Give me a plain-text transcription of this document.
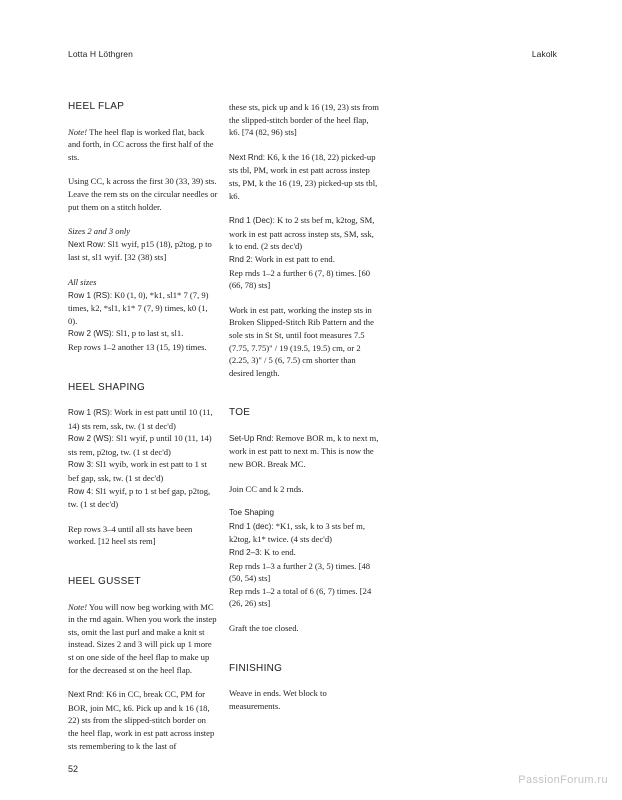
Lotta H Löthgren	Lakolk
HEEL FLAP

Note! The heel flap is worked flat, back and forth, in CC across the first half of the sts.

Using CC, k across the first 30 (33, 39) sts. Leave the rem sts on the circular needles or put them on a stitch holder.

Sizes 2 and 3 only

Next Row: Sl1 wyif, p15 (18), p2tog, p to last st, sl1 wyif. [32 (38) sts]

All sizes

Row 1 (RS): K0 (1, 0), *k1, sl1* 7 (7, 9) times, k2, *sl1, k1* 7 (7, 9) times, k0 (1, 0).

Row 2 (WS): Sl1, p to last st, sl1.

Rep rows 1–2 another 13 (15, 19) times.

HEEL SHAPING

Row 1 (RS): Work in est patt until 10 (11, 14) sts rem, ssk, tw. (1 st dec'd)

Row 2 (WS): Sl1 wyif, p until 10 (11, 14) sts rem, p2tog, tw. (1 st dec'd)

Row 3: Sl1 wyib, work in est patt to 1 st bef gap, ssk, tw. (1 st dec'd)

Row 4: Sl1 wyif, p to 1 st bef gap, p2tog, tw. (1 st dec'd)

Rep rows 3–4 until all sts have been worked. [12 heel sts rem]

HEEL GUSSET

Note! You will now beg working with MC in the rnd again. When you work the instep sts, omit the last purl and make a knit st instead. Sizes 2 and 3 will pick up 1 more st on one side of the heel flap to make up for the decreased st on the heel flap.

Next Rnd: K6 in CC, break CC, PM for BOR, join MC, k6. Pick up and k 16 (18, 22) sts from the slipped-stitch border on the heel flap, work in est patt across instep sts remembering to k the last of

52
PassionForum.ru

these sts, pick up and k 16 (19, 23) sts from the slipped-stitch border of the heel flap, k6. [74 (82, 96) sts]

Next Rnd: K6, k the 16 (18, 22) picked-up sts tbl, PM, work in est patt across instep sts, PM, k the 16 (19, 23) picked-up sts tbl, k6.

Rnd 1 (Dec): K to 2 sts bef m, k2tog, SM, work in est patt across instep sts, SM, ssk, k to end. (2 sts dec'd)

Rnd 2: Work in est patt to end.

Rep rnds 1–2 a further 6 (7, 8) times. [60 (66, 78) sts]

Work in est patt, working the instep sts in Broken Slipped-Stitch Rib Pattern and the sole sts in St St, until foot measures 7.5 (7.75, 7.75)" / 19 (19.5, 19.5) cm, or 2 (2.25, 3)" / 5 (6, 7.5) cm shorter than desired length.

TOE

Set-Up Rnd: Remove BOR m, k to next m, work in est patt to next m. This is now the new BOR. Break MC.

Join CC and k 2 rnds.

Toe Shaping

Rnd 1 (dec): *K1, ssk, k to 3 sts bef m, k2tog, k1* twice. (4 sts dec'd)

Rnd 2–3: K to end.

Rep rnds 1–3 a further 2 (3, 5) times. [48 (50, 54) sts]

Rep rnds 1–2 a total of 6 (6, 7) times. [24 (26, 26) sts]

Graft the toe closed.

FINISHING

Weave in ends. Wet block to measurements.
